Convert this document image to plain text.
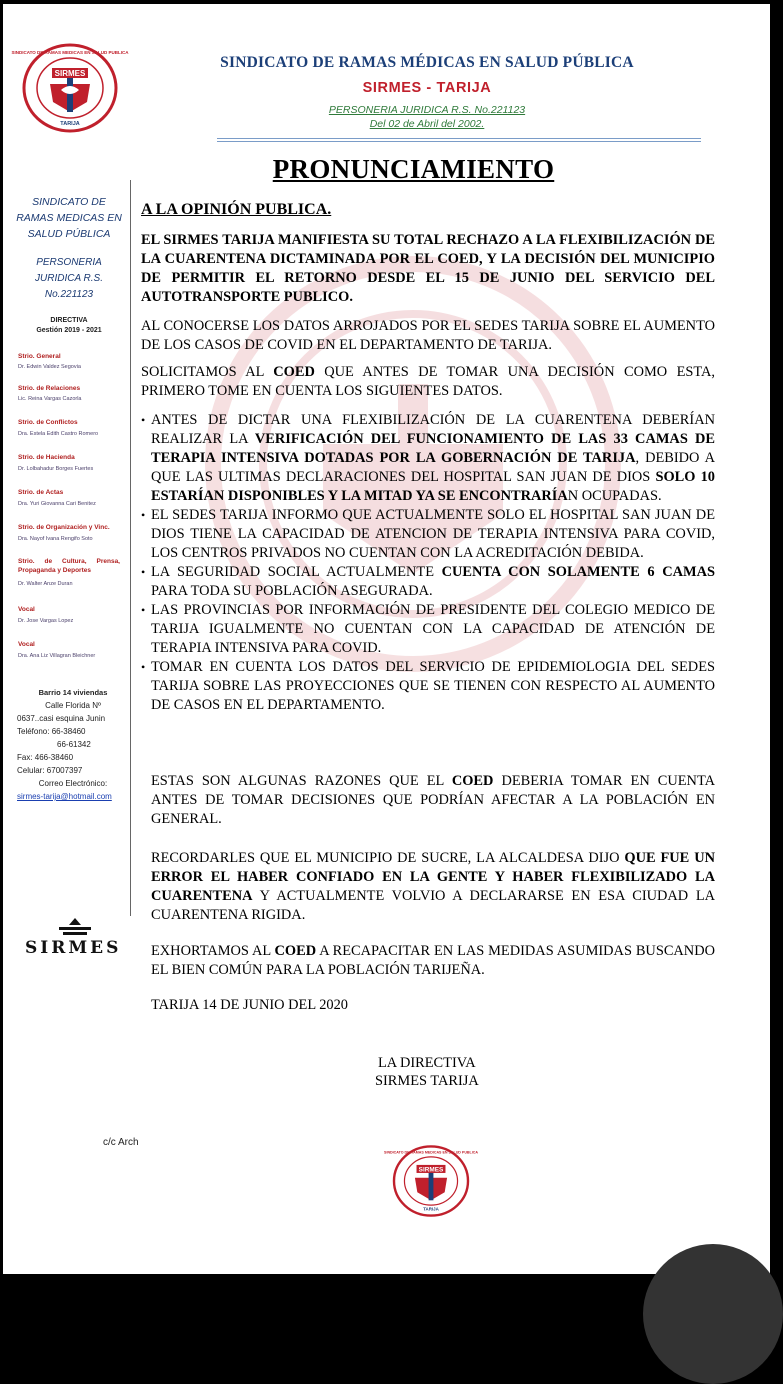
SIRMES
TARIJA
SINDICATO DE RAMAS MEDICAS EN SALUD PUBLICA
SINDICATO DE RAMAS MÉDICAS EN SALUD PÚBLICA
SIRMES - TARIJA
PERSONERIA JURIDICA R.S. No.221123
Del 02 de Abril del 2002.
SINDICATO DE
RAMAS MEDICAS EN
SALUD PÚBLICA
PERSONERIA
JURIDICA R.S.
No.221123
DIRECTIVA
Gestión 2019 - 2021
Strio. General
Dr. Edwin Valdez Segovia
Strio. de Relaciones
Lic. Reina Vargas Cazorla
Strio. de Conflictos
Dra. Estela Edith Castro Romero
Strio. de Hacienda
Dr. Lolbahadur Borges Fuertes
Strio. de Actas
Dra. Yuri Giovanna Cari Benitez
Strio. de Organización y Vinc.
Dra. Nayof Ivana Rengifo Soto
Strio. de Cultura, Prensa, Propaganda y Deportes
Dr. Walter Anze Duran
Vocal
Dr. Jose Vargas Lopez
Vocal
Dra. Ana Liz Villagran Bleichner
Barrio 14 viviendas
Calle Florida Nº
0637..casi esquina Junin
Teléfono: 66-38460
66-61342
Fax: 466-38460
Celular: 67007397
Correo Electrónico:
sirmes-tarija@hotmail.com
SIRMES
PRONUNCIAMIENTO
A LA OPINIÓN PUBLICA.
EL SIRMES TARIJA MANIFIESTA SU TOTAL RECHAZO A LA FLEXIBILIZACIÓN DE LA CUARENTENA DICTAMINADA POR EL COED, Y LA DECISIÓN DEL MUNICIPIO DE PERMITIR EL RETORNO DESDE EL 15 DE JUNIO DEL SERVICIO DEL AUTOTRANSPORTE PUBLICO.
AL CONOCERSE LOS DATOS ARROJADOS POR EL SEDES TARIJA SOBRE EL AUMENTO DE LOS CASOS DE COVID EN EL DEPARTAMENTO DE TARIJA.
SOLICITAMOS AL COED QUE ANTES DE TOMAR UNA DECISIÓN COMO ESTA, PRIMERO TOME EN CUENTA LOS SIGUIENTES DATOS.
• ANTES DE DICTAR UNA FLEXIBILIZACIÓN DE LA CUARENTENA DEBERÍAN REALIZAR LA VERIFICACIÓN DEL FUNCIONAMIENTO DE LAS 33 CAMAS DE TERAPIA INTENSIVA DOTADAS POR LA GOBERNACIÓN DE TARIJA, DEBIDO A QUE LAS ULTIMAS DECLARACIONES DEL HOSPITAL SAN JUAN DE DIOS SOLO 10 ESTARÍAN DISPONIBLES Y LA MITAD YA SE ENCONTRARÍAN OCUPADAS.
• EL SEDES TARIJA INFORMO QUE ACTUALMENTE SOLO EL HOSPITAL SAN JUAN DE DIOS TIENE LA CAPACIDAD DE ATENCION DE TERAPIA INTENSIVA PARA COVID, LOS CENTROS PRIVADOS NO CUENTAN CON LA ACREDITACIÓN DEBIDA.
• LA SEGURIDAD SOCIAL ACTUALMENTE CUENTA CON SOLAMENTE 6 CAMAS PARA TODA SU POBLACIÓN ASEGURADA.
• LAS PROVINCIAS POR INFORMACIÓN DE PRESIDENTE DEL COLEGIO MEDICO DE TARIJA IGUALMENTE NO CUENTAN CON LA CAPACIDAD DE ATENCIÓN DE TERAPIA INTENSIVA PARA COVID.
• TOMAR EN CUENTA LOS DATOS DEL SERVICIO DE EPIDEMIOLOGIA DEL SEDES TARIJA SOBRE LAS PROYECCIONES QUE SE TIENEN CON RESPECTO AL AUMENTO DE CASOS EN EL DEPARTAMENTO.
ESTAS SON ALGUNAS RAZONES QUE EL COED DEBERIA TOMAR EN CUENTA ANTES DE TOMAR DECISIONES QUE PODRÍAN AFECTAR A LA POBLACIÓN EN GENERAL.
RECORDARLES QUE EL MUNICIPIO DE SUCRE, LA ALCALDESA DIJO QUE FUE UN ERROR EL HABER CONFIADO EN LA GENTE Y HABER FLEXIBILIZADO LA CUARENTENA Y ACTUALMENTE VOLVIO A DECLARARSE EN ESA CIUDAD LA CUARENTENA RIGIDA.
EXHORTAMOS AL COED A RECAPACITAR EN LAS MEDIDAS ASUMIDAS BUSCANDO EL BIEN COMÚN PARA LA POBLACIÓN TARIJEÑA.
TARIJA 14 DE JUNIO DEL 2020
LA DIRECTIVA
SIRMES TARIJA
c/c Arch
SIRMES
TARIJA
SINDICATO DE RAMAS MEDICAS EN SALUD PUBLICA
